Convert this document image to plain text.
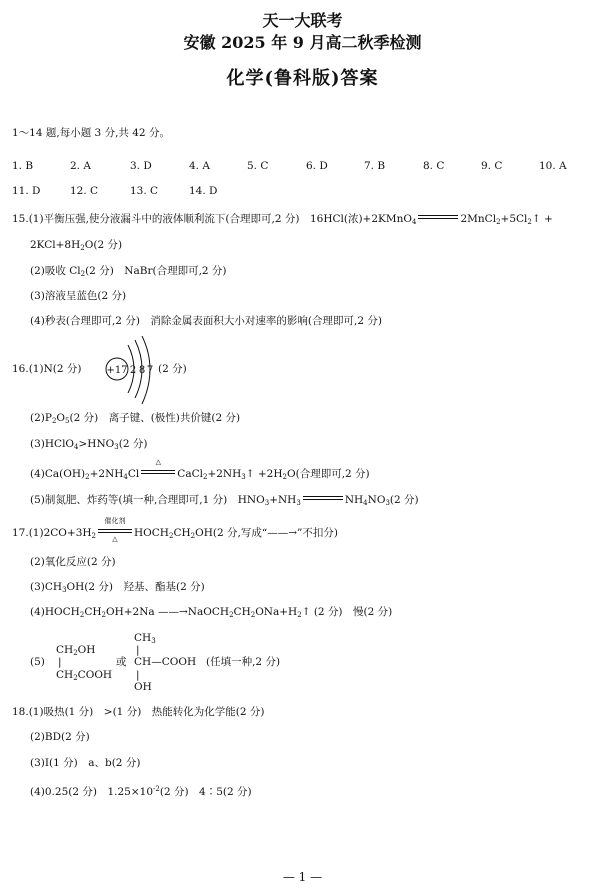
天一大联考
安徽 2025 年 9 月高二秋季检测
化学(鲁科版)答案
1～14 题,每小题 3 分,共 42 分。
1. B	2. A	3. D	4. A	5. C	6. D	7. B	8. C	9. C	10. A
11. D	12. C	13. C	14. D
15.(1)平衡压强,使分液漏斗中的液体顺利流下(合理即可,2 分)　16HCl(浓)+2KMnO$_4$	$2MnCl_2+5Cl_2↑$ +
$2KCl+8H_2O(2$ 分)
(2)吸收 $Cl_2(2$ 分)　NaBr(合理即可,2 分)
(3)溶液呈蓝色(2 分)
(4)秒表(合理即可,2 分)　消除金属表面积大小对速率的影响(合理即可,2 分)
16.(1)N(2 分) +17 2 8 7 (2 分)
$(2)P_2O_5(2$ 分)　离子键、(极性)共价键(2 分)
$(3)HClO_4>HNO_3(2$ 分)
$(4)Ca(OH)_2+2NH_4Cl$
△
$CaCl_2+2NH_3↑ +2H_2O$(合理即可,2 分)
(5)制氮肥、炸药等(填一种,合理即可,1 分)　$HNO_3+NH_3$	$NH_4NO_3(2$ 分)
$17.(1)2CO+3H_2$
催化剂
△	$HOCH_2CH_2OH(2$ 分,写成“——→”不扣分)
(2)氧化反应(2 分)
$(3)CH_3OH(2$ 分)　羟基、酯基(2 分)
$(4)HOCH_2CH_2OH+2Na$ $——\to NaOCH_2CH_2ONa+H_2↑$ (2 分)　慢(2 分)
(5)
$CH_2OH$
|
$CH_2COOH$
或
$CH_3$
|
CH—COOH
|
OH
(任填一种,2 分)
18.(1)吸热(1 分)　>(1 分)　热能转化为化学能(2 分)
(2)BD(2 分)
(3)I(1 分)　a、b(2 分)
(4)0.25(2 分)　$1.25\times 10^{-2}(2$ 分)　4∶5(2 分)
— 1 —
